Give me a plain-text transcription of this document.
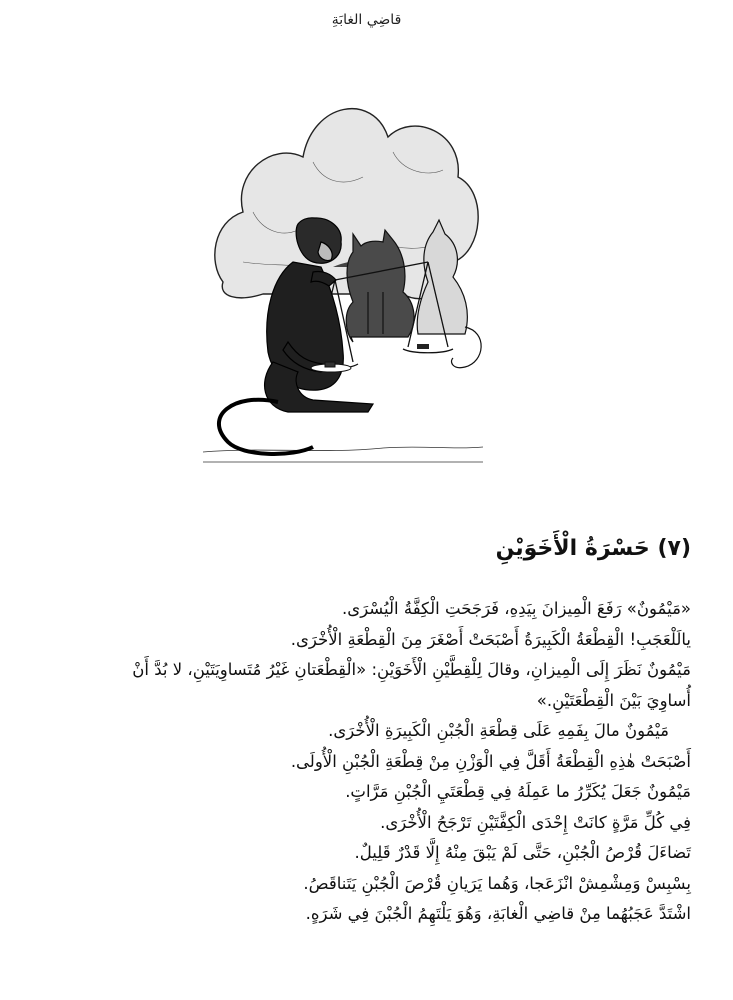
قاضِي الغابَةِ
(٧) حَسْرَةُ الْأَخَوَيْنِ
«مَيْمُونٌ» رَفَعَ الْمِيزانَ بِيَدِهِ، فَرَجَحَتِ الْكِفَّةُ الْيُسْرَى.
يالَلْعَجَبِ! الْقِطْعَةُ الْكَبِيرَةُ أَصْبَحَتْ أَصْغَرَ مِنَ الْقِطْعَةِ الْأُخْرَى.
مَيْمُونٌ نَظَرَ إِلَى الْمِيزانِ، وقالَ لِلْقِطَّيْنِ الْأَخَوَيْنِ: «الْقِطْعَتانِ غَيْرُ مُتَساوِيَتَيْنِ، لا بُدَّ أَنْ
أُساوِيَ بَيْنَ الْقِطْعَتَيْنِ.»
مَيْمُونٌ مالَ بِفَمِهِ عَلَى قِطْعَةِ الْجُبْنِ الْكَبِيرَةِ الْأُخْرَى.
أَصْبَحَتْ هٰذِهِ الْقِطْعَةُ أَقَلَّ فِي الْوَزْنِ مِنْ قِطْعَةِ الْجُبْنِ الْأُولَى.
مَيْمُونٌ جَعَلَ يُكَرِّرُ ما عَمِلَهُ فِي قِطْعَتَيِ الْجُبْنِ مَرَّاتٍ.
فِي كُلِّ مَرَّةٍ كانَتْ إِحْدَى الْكِفَّتَيْنِ تَرْجَحُ الْأُخْرَى.
تَضاءَلَ قُرْصُ الْجُبْنِ، حَتَّى لَمْ يَبْقَ مِنْهُ إِلَّا قَدْرٌ قَلِيلٌ.
بِسْبِسْ وَمِشْمِشْ انْزَعَجا، وَهُما يَرَيانِ قُرْصَ الْجُبْنِ يَتَناقَصُ.
اشْتَدَّ عَجَبُهُما مِنْ قاضِي الْغابَةِ، وَهُوَ يَلْتَهِمُ الْجُبْنَ فِي شَرَهٍ.
